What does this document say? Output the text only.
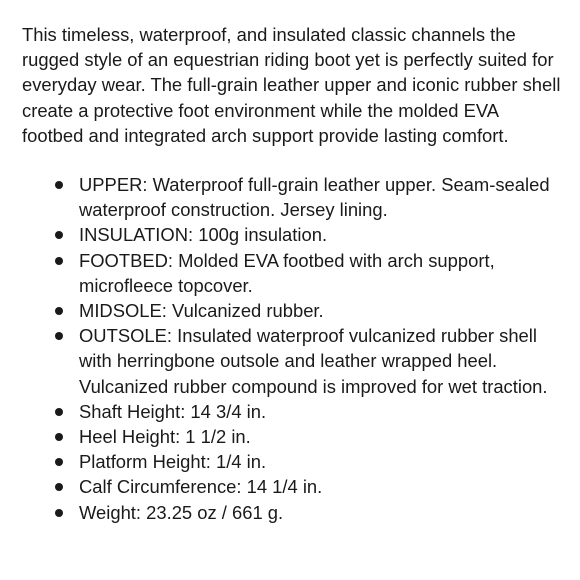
This timeless, waterproof, and insulated classic channels the rugged style of an equestrian riding boot yet is perfectly suited for everyday wear. The full-grain leather upper and iconic rubber shell create a protective foot environment while the molded EVA footbed and integrated arch support provide lasting comfort.

UPPER: Waterproof full-grain leather upper. Seam-sealed waterproof construction. Jersey lining.
INSULATION: 100g insulation.
FOOTBED: Molded EVA footbed with arch support, microfleece topcover.
MIDSOLE: Vulcanized rubber.
OUTSOLE: Insulated waterproof vulcanized rubber shell with herringbone outsole and leather wrapped heel. Vulcanized rubber compound is improved for wet traction.
Shaft Height: 14 3/4 in.
Heel Height: 1 1/2 in.
Platform Height: 1/4 in.
Calf Circumference: 14 1/4 in.
Weight: 23.25 oz / 661 g.
